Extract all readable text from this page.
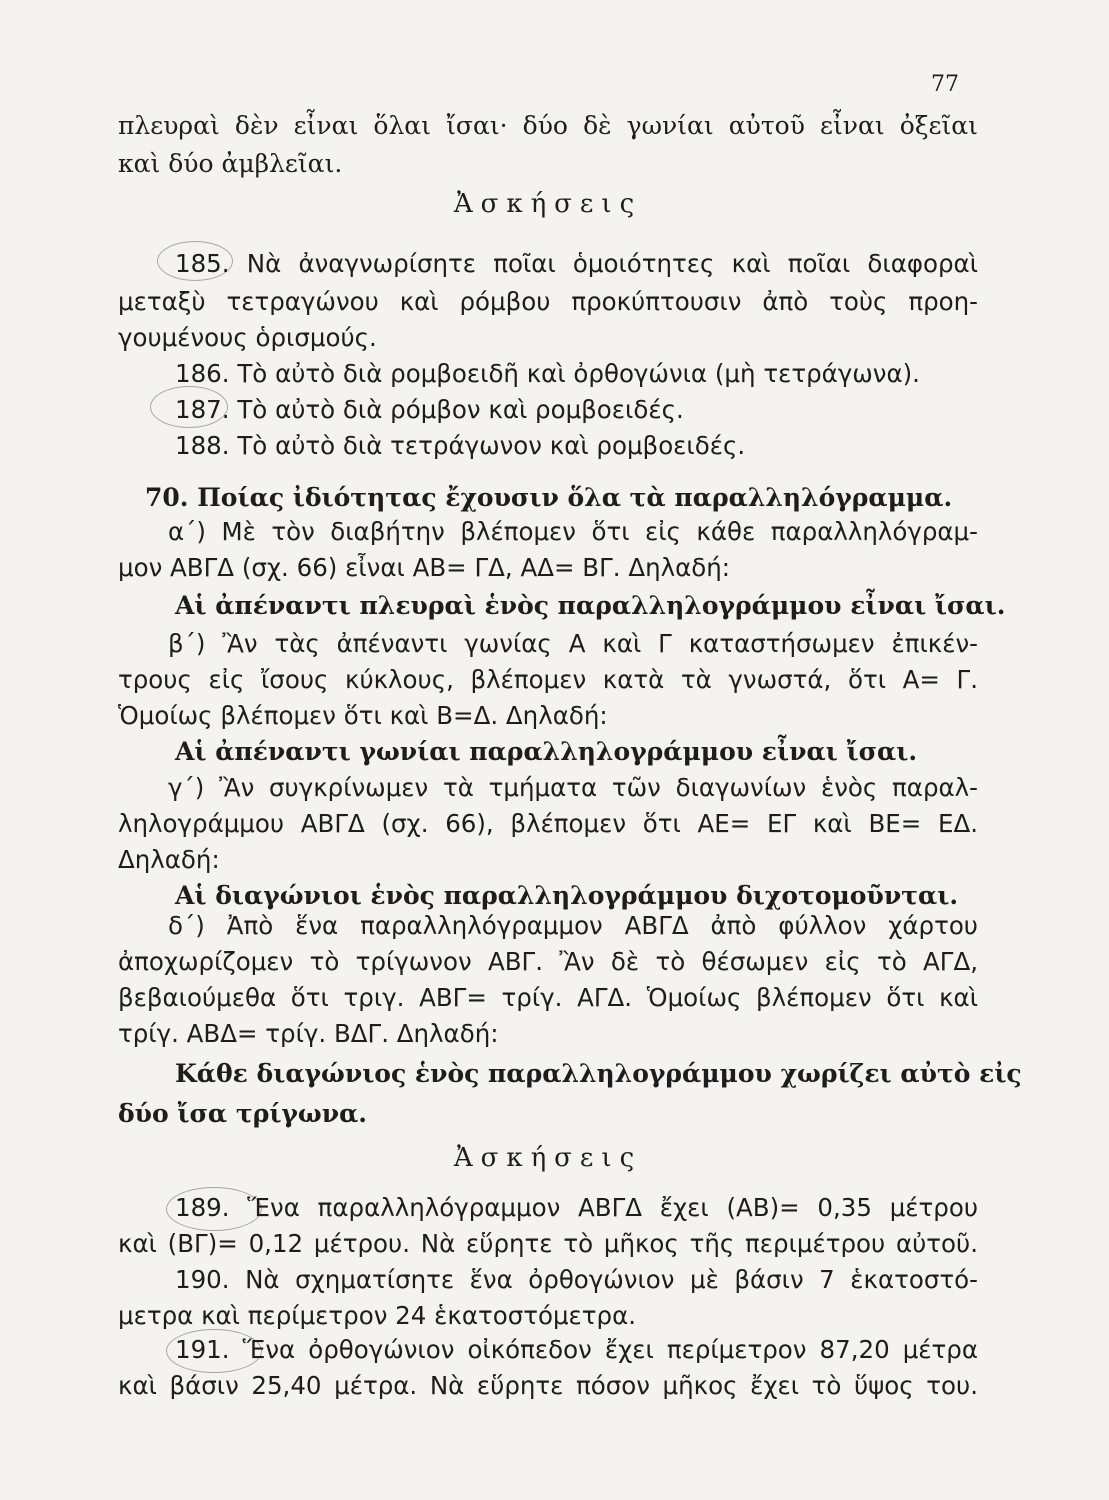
77
πλευραὶ δὲν εἶναι ὅλαι ἴσαι· δύο δὲ γωνίαι αὐτοῦ εἶναι ὀξεῖαι
καὶ δύο ἀμβλεῖαι.
Ἀσκήσεις
185. Νὰ ἀναγνωρίσητε ποῖαι ὁμοιότητες καὶ ποῖαι διαφοραὶ
μεταξὺ τετραγώνου καὶ ρόμβου προκύπτουσιν ἀπὸ τοὺς προη-
γουμένους ὁρισμούς.
186. Τὸ αὐτὸ διὰ ρομβοειδῆ καὶ ὀρθογώνια (μὴ τετράγωνα).
187. Τὸ αὐτὸ διὰ ρόμβον καὶ ρομβοειδές.
188. Τὸ αὐτὸ διὰ τετράγωνον καὶ ρομβοειδές.
70. Ποίας ἰδιότητας ἔχουσιν ὅλα τὰ παραλληλόγραμμα.
α΄) Μὲ τὸν διαβήτην βλέπομεν ὅτι εἰς κάθε παραλληλόγραμ-
μον ΑΒΓΔ (σχ. 66) εἶναι ΑΒ= ΓΔ, ΑΔ= ΒΓ. Δηλαδή:
Αἱ ἀπέναντι πλευραὶ ἑνὸς παραλληλογράμμου εἶναι ἴσαι.
β΄) Ἂν τὰς ἀπέναντι γωνίας Α καὶ Γ καταστήσωμεν ἐπικέν-
τρους εἰς ἴσους κύκλους, βλέπομεν κατὰ τὰ γνωστά, ὅτι Α= Γ.
Ὁμοίως βλέπομεν ὅτι καὶ Β=Δ. Δηλαδή:
Αἱ ἀπέναντι γωνίαι παραλληλογράμμου εἶναι ἴσαι.
γ΄) Ἂν συγκρίνωμεν τὰ τμήματα τῶν διαγωνίων ἑνὸς παραλ-
ληλογράμμου ΑΒΓΔ (σχ. 66), βλέπομεν ὅτι ΑΕ= ΕΓ καὶ ΒΕ= ΕΔ.
Δηλαδή:
Αἱ διαγώνιοι ἑνὸς παραλληλογράμμου διχοτομοῦνται.
δ΄) Ἀπὸ ἕνα παραλληλόγραμμον ΑΒΓΔ ἀπὸ φύλλον χάρτου
ἀποχωρίζομεν τὸ τρίγωνον ΑΒΓ. Ἂν δὲ τὸ θέσωμεν εἰς τὸ ΑΓΔ,
βεβαιούμεθα ὅτι τριγ. ΑΒΓ= τρίγ. ΑΓΔ. Ὁμοίως βλέπομεν ὅτι καὶ
τρίγ. ΑΒΔ= τρίγ. ΒΔΓ. Δηλαδή:
Κάθε διαγώνιος ἑνὸς παραλληλογράμμου χωρίζει αὐτὸ εἰς
δύο ἴσα τρίγωνα.
Ἀσκήσεις
189. Ἕνα παραλληλόγραμμον ΑΒΓΔ ἔχει (ΑΒ)= 0,35 μέτρου
καὶ (ΒΓ)= 0,12 μέτρου. Νὰ εὕρητε τὸ μῆκος τῆς περιμέτρου αὐτοῦ.
190. Νὰ σχηματίσητε ἕνα ὀρθογώνιον μὲ βάσιν 7 ἑκατοστό-
μετρα καὶ περίμετρον 24 ἑκατοστόμετρα.
191. Ἕνα ὀρθογώνιον οἰκόπεδον ἔχει περίμετρον 87,20 μέτρα
καὶ βάσιν 25,40 μέτρα. Νὰ εὕρητε πόσον μῆκος ἔχει τὸ ὕψος του.
